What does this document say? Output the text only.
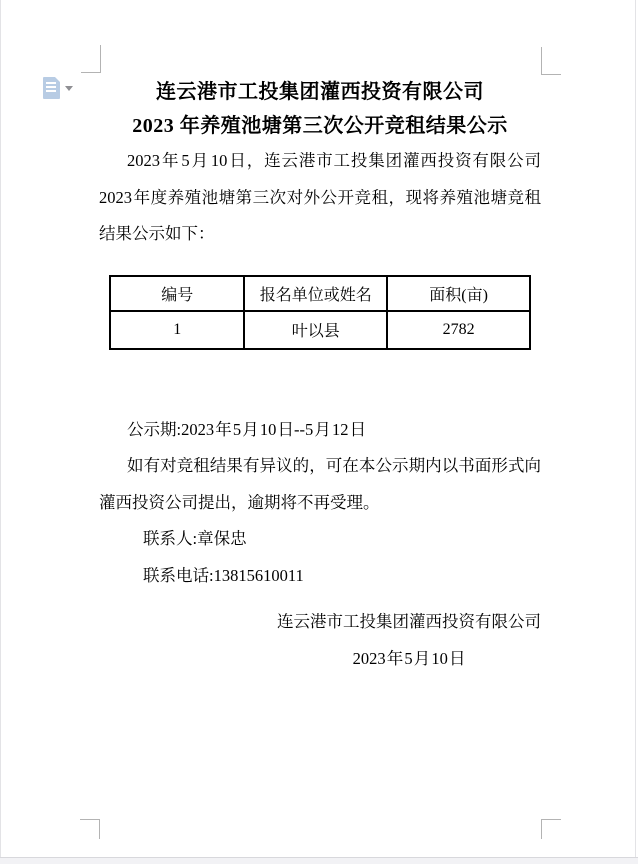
连云港市工投集团灌西投资有限公司
2023 年养殖池塘第三次公开竞租结果公示

2023 年 5 月 10 日，连云港市工投集团灌西投资有限公司 2023 年度养殖池塘第三次对外公开竞租，现将养殖池塘竞租结果公示如下：

编号	报名单位或姓名	面积(亩)
1	叶以县	2782

公示期:2023 年 5 月 10 日--5 月 12 日

如有对竞租结果有异议的，可在本公示期内以书面形式向灌西投资公司提出，逾期将不再受理。

联系人:章保忠

联系电话:13815610011

连云港市工投集团灌西投资有限公司
2023 年 5 月 10 日
